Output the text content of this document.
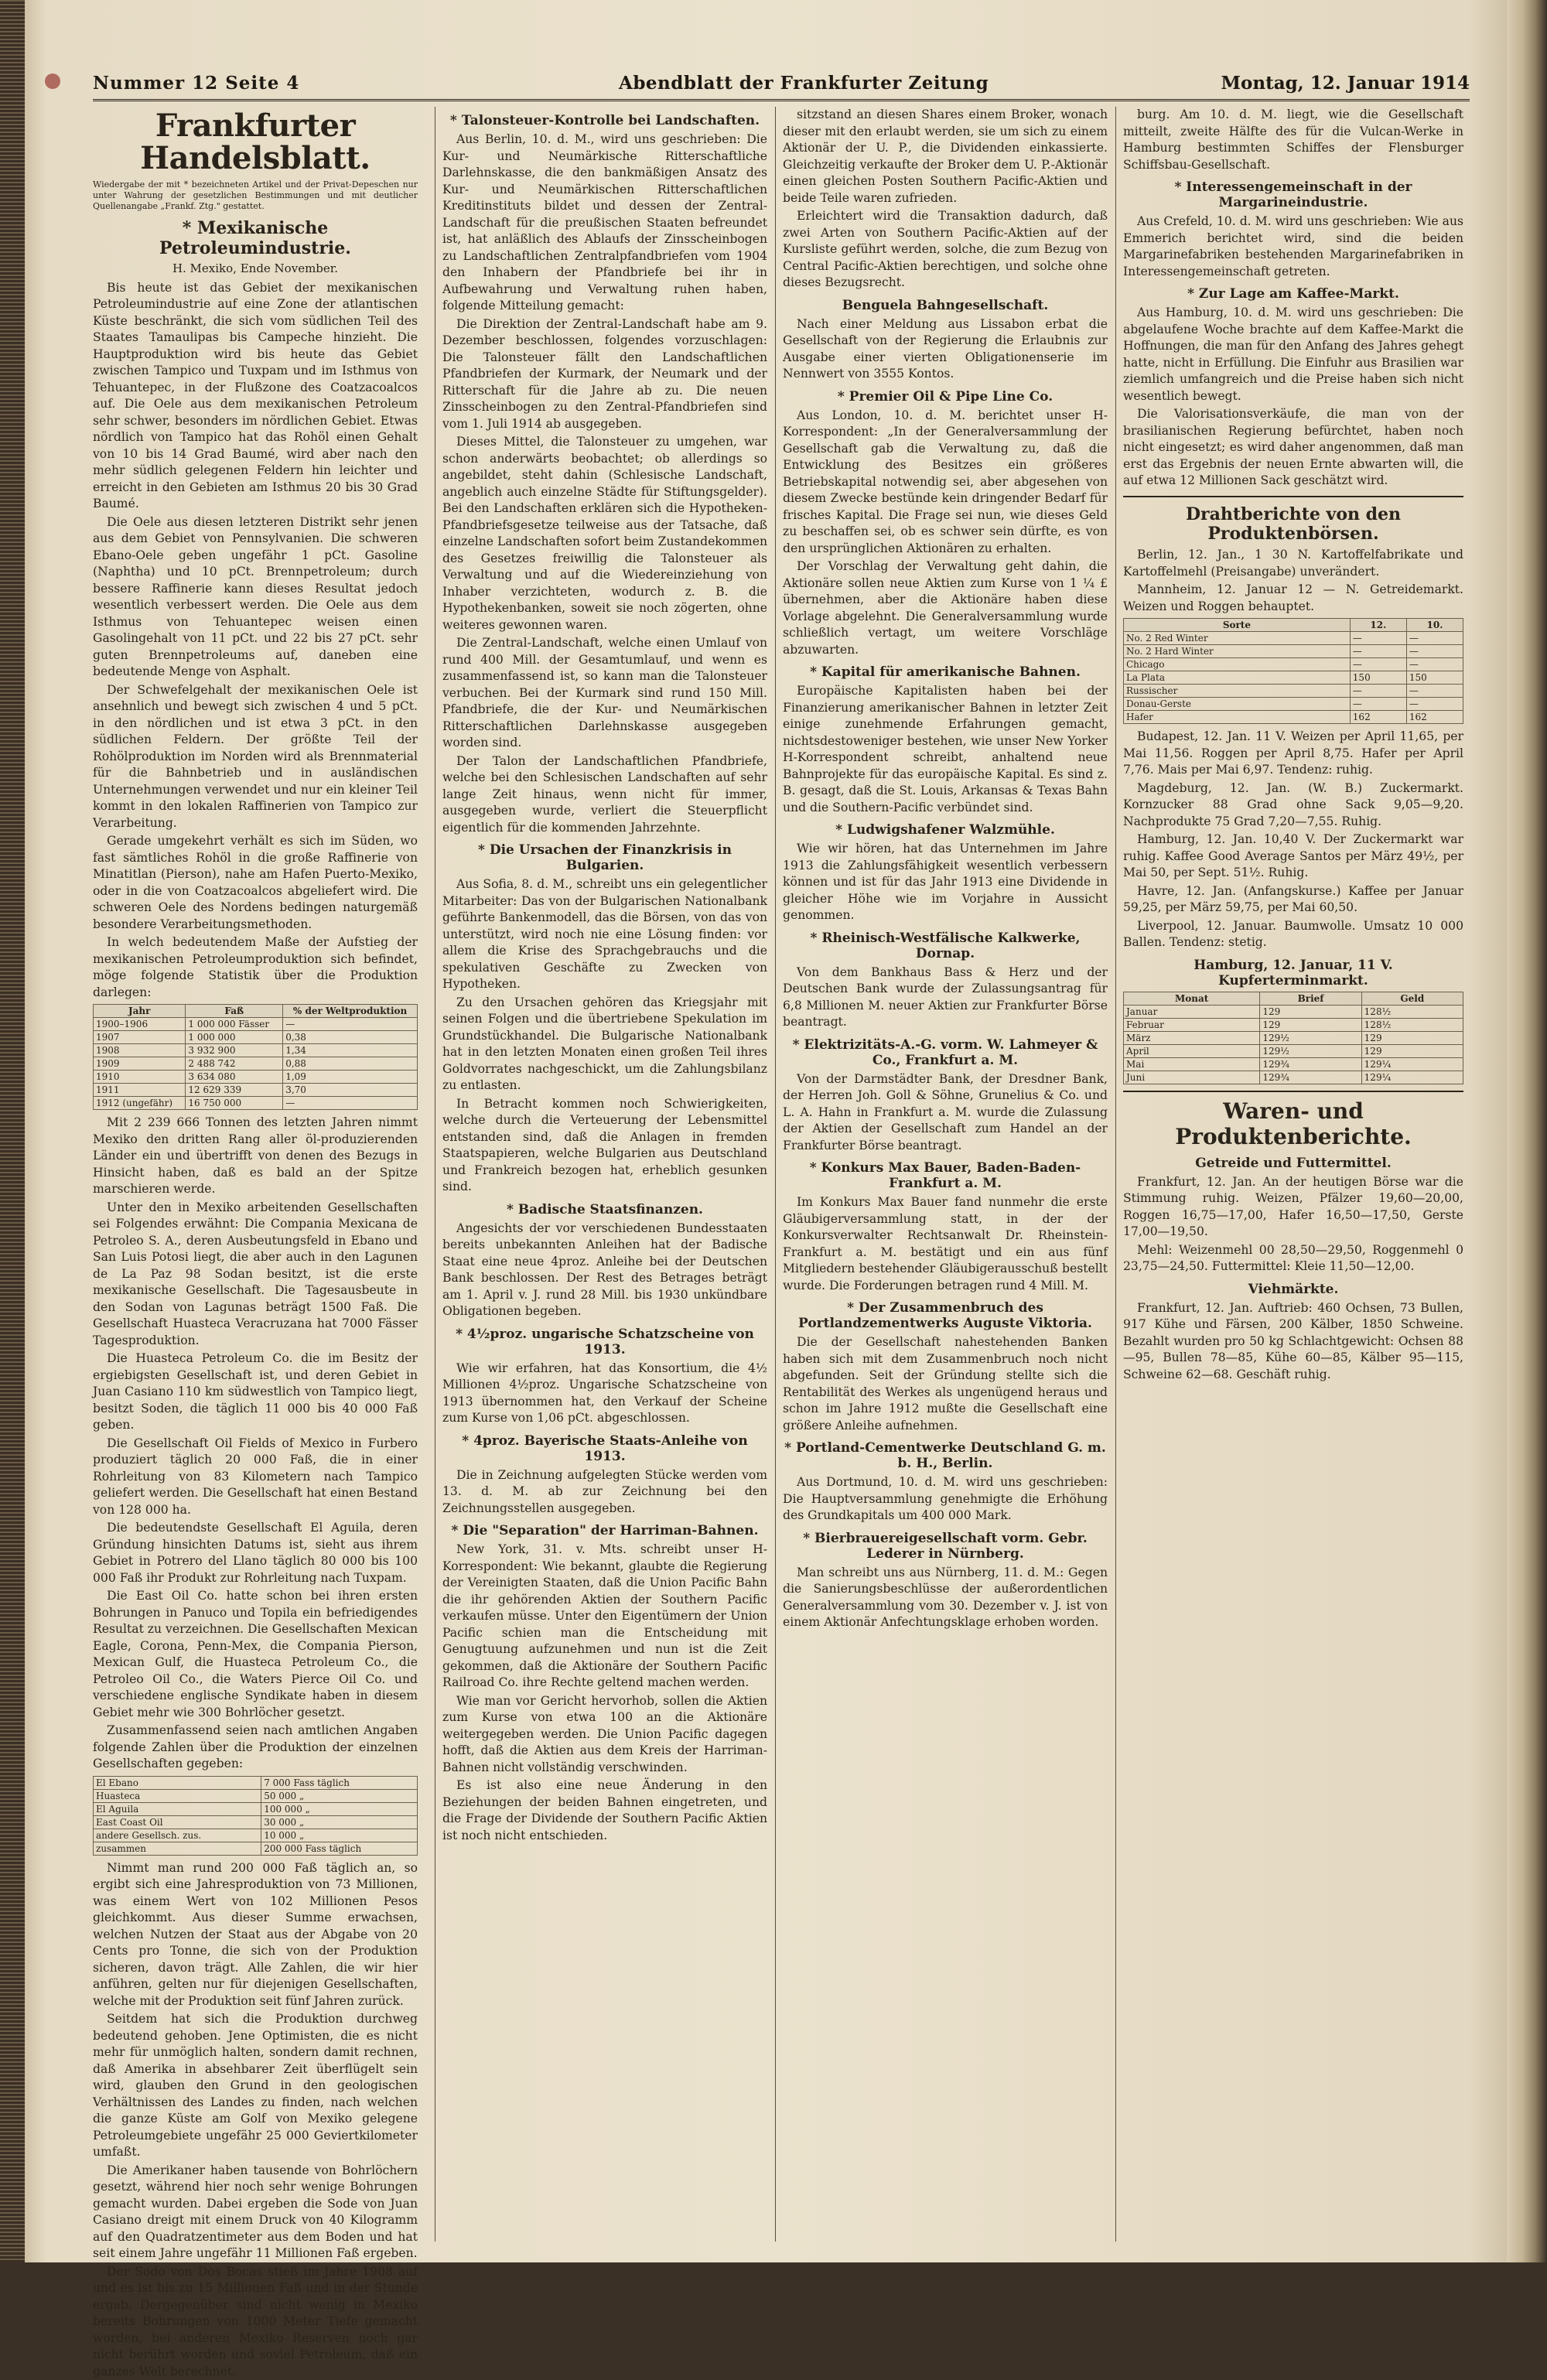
Nummer 12 Seite 4	Abendblatt der Frankfurter Zeitung	Montag, 12. Januar 1914
Frankfurter Handelsblatt.
Wiedergabe der mit * bezeichneten Artikel und der Privat-Depeschen nur unter Wahrung der gesetzlichen Bestimmungen und mit deutlicher Quellenangabe „Frankf. Ztg." gestattet.
* Mexikanische Petroleumindustrie.
H. Mexiko, Ende November.

Bis heute ist das Gebiet der mexikanischen Petroleumindustrie auf eine Zone der atlantischen Küste beschränkt, die sich vom südlichen Teil des Staates Tamaulipas bis Campeche hinzieht. Die Hauptproduktion wird bis heute das Gebiet zwischen Tampico und Tuxpam und im Isthmus von Tehuantepec, in der Flußzone des Coatzacoalcos auf. Die Oele aus dem mexikanischen Petroleum sehr schwer, besonders im nördlichen Gebiet. Etwas nördlich von Tampico hat das Rohöl einen Gehalt von 10 bis 14 Grad Baumé, wird aber nach den mehr südlich gelegenen Feldern hin leichter und erreicht in den Gebieten am Isthmus 20 bis 30 Grad Baumé.

Die Oele aus diesen letzteren Distrikt sehr jenen aus dem Gebiet von Pennsylvanien. Die schweren Ebano-Oele geben ungefähr 1 pCt. Gasoline (Naphtha) und 10 pCt. Brennpetroleum; durch bessere Raffinerie kann dieses Resultat jedoch wesentlich verbessert werden. Die Oele aus dem Isthmus von Tehuantepec weisen einen Gasolingehalt von 11 pCt. und 22 bis 27 pCt. sehr guten Brennpetroleums auf, daneben eine bedeutende Menge von Asphalt.

Der Schwefelgehalt der mexikanischen Oele ist ansehnlich und bewegt sich zwischen 4 und 5 pCt. in den nördlichen und ist etwa 3 pCt. in den südlichen Feldern. Der größte Teil der Rohölproduktion im Norden wird als Brennmaterial für die Bahnbetrieb und in ausländischen Unternehmungen verwendet und nur ein kleiner Teil kommt in den lokalen Raffinerien von Tampico zur Verarbeitung.

Gerade umgekehrt verhält es sich im Süden, wo fast sämtliches Rohöl in die große Raffinerie von Minatitlan (Pierson), nahe am Hafen Puerto-Mexiko, oder in die von Coatzacoalcos abgeliefert wird. Die schweren Oele des Nordens bedingen naturgemäß besondere Verarbeitungsmethoden.

In welch bedeutendem Maße der Aufstieg der mexikanischen Petroleumproduktion sich befindet, möge folgende Statistik über die Produktion darlegen:

Jahr	Faß	% der Weltproduktion
1900–1906	1 000 000 Fässer	—
1907	1 000 000	0,38
1908	3 932 900	1,34
1909	2 488 742	0,88
1910	3 634 080	1,09
1911	12 629 339	3,70
1912 (ungefähr)	16 750 000	—

Mit 2 239 666 Tonnen des letzten Jahren nimmt Mexiko den dritten Rang aller öl-produzierenden Länder ein und übertrifft von denen des Bezugs in Hinsicht haben, daß es bald an der Spitze marschieren werde.

Unter den in Mexiko arbeitenden Gesellschaften sei Folgendes erwähnt: Die Compania Mexicana de Petroleo S. A., deren Ausbeutungsfeld in Ebano und San Luis Potosi liegt, die aber auch in den Lagunen de La Paz 98 Sodan besitzt, ist die erste mexikanische Gesellschaft. Die Tagesausbeute in den Sodan von Lagunas beträgt 1500 Faß. Die Gesellschaft Huasteca Veracruzana hat 7000 Fässer Tagesproduktion.

Die Huasteca Petroleum Co. die im Besitz der ergiebigsten Gesellschaft ist, und deren Gebiet in Juan Casiano 110 km südwestlich von Tampico liegt, besitzt Soden, die täglich 11 000 bis 40 000 Faß geben.

Die Gesellschaft Oil Fields of Mexico in Furbero produziert täglich 20 000 Faß, die in einer Rohrleitung von 83 Kilometern nach Tampico geliefert werden. Die Gesellschaft hat einen Bestand von 128 000 ha.

Die bedeutendste Gesellschaft El Aguila, deren Gründung hinsichten Datums ist, sieht aus ihrem Gebiet in Potrero del Llano täglich 80 000 bis 100 000 Faß ihr Produkt zur Rohrleitung nach Tuxpam.

Die East Oil Co. hatte schon bei ihren ersten Bohrungen in Panuco und Topila ein befriedigendes Resultat zu verzeichnen. Die Gesellschaften Mexican Eagle, Corona, Penn-Mex, die Compania Pierson, Mexican Gulf, die Huasteca Petroleum Co., die Petroleo Oil Co., die Waters Pierce Oil Co. und verschiedene englische Syndikate haben in diesem Gebiet mehr wie 300 Bohrlöcher gesetzt.

Zusammenfassend seien nach amtlichen Angaben folgende Zahlen über die Produktion der einzelnen Gesellschaften gegeben:

El Ebano	7 000 Fass täglich
Huasteca	50 000 „
El Aguila	100 000 „
East Coast Oil	30 000 „
andere Gesellsch. zus.	10 000 „
zusammen	200 000 Fass täglich

Nimmt man rund 200 000 Faß täglich an, so ergibt sich eine Jahresproduktion von 73 Millionen, was einem Wert von 102 Millionen Pesos gleichkommt. Aus dieser Summe erwachsen, welchen Nutzen der Staat aus der Abgabe von 20 Cents pro Tonne, die sich von der Produktion sicheren, davon trägt. Alle Zahlen, die wir hier anführen, gelten nur für diejenigen Gesellschaften, welche mit der Produktion seit fünf Jahren zurück.

Seitdem hat sich die Produktion durchweg bedeutend gehoben. Jene Optimisten, die es nicht mehr für unmöglich halten, sondern damit rechnen, daß Amerika in absehbarer Zeit überflügelt sein wird, glauben den Grund in den geologischen Verhältnissen des Landes zu finden, nach welchen die ganze Küste am Golf von Mexiko gelegene Petroleumgebiete ungefähr 25 000 Geviertkilometer umfaßt.

Die Amerikaner haben tausende von Bohrlöchern gesetzt, während hier noch sehr wenige Bohrungen gemacht wurden. Dabei ergeben die Sode von Juan Casiano dreigt mit einem Druck von 40 Kilogramm auf den Quadratzentimeter aus dem Boden und hat seit einem Jahre ungefähr 11 Millionen Faß ergeben.

Der Sodo von Dos Bocas stieß im Jahre 1908 auf und es ist bis zu 15 Millionen Faß und in der Stunde ergab, Dergegenüber sind nicht wenig in Mexiko bereits Bohrungen von 1000 Meter Tiefe gemacht worden, bei anderen Mexiko Reserven noch gar nicht berührt worden und soviel Petroleum, daß ein ganzes Welt berechnet.

* Talonsteuer-Kontrolle bei Landschaften.

Aus Berlin, 10. d. M., wird uns geschrieben: Die Kur- und Neumärkische Ritterschaftliche Darlehnskasse, die den bankmäßigen Ansatz des Kur- und Neumärkischen Ritterschaftlichen Kreditinstituts bildet und dessen der Zentral-Landschaft für die preußischen Staaten befreundet ist, hat anläßlich des Ablaufs der Zinsscheinbogen zu Landschaftlichen Zentralpfandbriefen vom 1904 den Inhabern der Pfandbriefe bei ihr in Aufbewahrung und Verwaltung ruhen haben, folgende Mitteilung gemacht:

Die Direktion der Zentral-Landschaft habe am 9. Dezember beschlossen, folgendes vorzuschlagen: Die Talonsteuer fällt den Landschaftlichen Pfandbriefen der Kurmark, der Neumark und der Ritterschaft für die Jahre ab zu. Die neuen Zinsscheinbogen zu den Zentral-Pfandbriefen sind vom 1. Juli 1914 ab ausgegeben.

Dieses Mittel, die Talonsteuer zu umgehen, war schon anderwärts beobachtet; ob allerdings so angebildet, steht dahin (Schlesische Landschaft, angeblich auch einzelne Städte für Stiftungsgelder). Bei den Landschaften erklären sich die Hypotheken-Pfandbriefsgesetze teilweise aus der Tatsache, daß einzelne Landschaften sofort beim Zustandekommen des Gesetzes freiwillig die Talonsteuer als Verwaltung und auf die Wiedereinziehung von Inhaber verzichteten, wodurch z. B. die Hypothekenbanken, soweit sie noch zögerten, ohne weiteres gewonnen waren.

Die Zentral-Landschaft, welche einen Umlauf von rund 400 Mill. der Gesamtumlauf, und wenn es zusammenfassend ist, so kann man die Talonsteuer verbuchen. Bei der Kurmark sind rund 150 Mill. Pfandbriefe, die der Kur- und Neumärkischen Ritterschaftlichen Darlehnskasse ausgegeben worden sind.

Der Talon der Landschaftlichen Pfandbriefe, welche bei den Schlesischen Landschaften auf sehr lange Zeit hinaus, wenn nicht für immer, ausgegeben wurde, verliert die Steuerpflicht eigentlich für die kommenden Jahrzehnte.

* Die Ursachen der Finanzkrisis in Bulgarien.

Aus Sofia, 8. d. M., schreibt uns ein gelegentlicher Mitarbeiter: Das von der Bulgarischen Nationalbank geführte Bankenmodell, das die Börsen, von das von unterstützt, wird noch nie eine Lösung finden: vor allem die Krise des Sprachgebrauchs und die spekulativen Geschäfte zu Zwecken von Hypotheken.

Zu den Ursachen gehören das Kriegsjahr mit seinen Folgen und die übertriebene Spekulation im Grundstückhandel. Die Bulgarische Nationalbank hat in den letzten Monaten einen großen Teil ihres Goldvorrates nachgeschickt, um die Zahlungsbilanz zu entlasten.

In Betracht kommen noch Schwierigkeiten, welche durch die Verteuerung der Lebensmittel entstanden sind, daß die Anlagen in fremden Staatspapieren, welche Bulgarien aus Deutschland und Frankreich bezogen hat, erheblich gesunken sind.

* Badische Staatsfinanzen.

Angesichts der vor verschiedenen Bundesstaaten bereits unbekannten Anleihen hat der Badische Staat eine neue 4proz. Anleihe bei der Deutschen Bank beschlossen. Der Rest des Betrages beträgt am 1. April v. J. rund 28 Mill. bis 1930 unkündbare Obligationen begeben.

* 4½proz. ungarische Schatzscheine von 1913.

Wie wir erfahren, hat das Konsortium, die 4½ Millionen 4½proz. Ungarische Schatzscheine von 1913 übernommen hat, den Verkauf der Scheine zum Kurse von 1,06 pCt. abgeschlossen.

* 4proz. Bayerische Staats-Anleihe von 1913.

Die in Zeichnung aufgelegten Stücke werden vom 13. d. M. ab zur Zeichnung bei den Zeichnungsstellen ausgegeben.

* Die "Separation" der Harriman-Bahnen.

New York, 31. v. Mts. schreibt unser H-Korrespondent: Wie bekannt, glaubte die Regierung der Vereinigten Staaten, daß die Union Pacific Bahn die ihr gehörenden Aktien der Southern Pacific verkaufen müsse. Unter den Eigentümern der Union Pacific schien man die Entscheidung mit Genugtuung aufzunehmen und nun ist die Zeit gekommen, daß die Aktionäre der Southern Pacific Railroad Co. ihre Rechte geltend machen werden.

Wie man vor Gericht hervorhob, sollen die Aktien zum Kurse von etwa 100 an die Aktionäre weitergegeben werden. Die Union Pacific dagegen hofft, daß die Aktien aus dem Kreis der Harriman-Bahnen nicht vollständig verschwinden.

Es ist also eine neue Änderung in den Beziehungen der beiden Bahnen eingetreten, und die Frage der Dividende der Southern Pacific Aktien ist noch nicht entschieden.

sitzstand an diesen Shares einem Broker, wonach dieser mit den erlaubt werden, sie um sich zu einem Aktionär der U. P., die Dividenden einkassierte. Gleichzeitig verkaufte der Broker dem U. P.-Aktionär einen gleichen Posten Southern Pacific-Aktien und beide Teile waren zufrieden.

Erleichtert wird die Transaktion dadurch, daß zwei Arten von Southern Pacific-Aktien auf der Kursliste geführt werden, solche, die zum Bezug von Central Pacific-Aktien berechtigen, und solche ohne dieses Bezugsrecht.

Benguela Bahngesellschaft.

Nach einer Meldung aus Lissabon erbat die Gesellschaft von der Regierung die Erlaubnis zur Ausgabe einer vierten Obligationenserie im Nennwert von 3555 Kontos.

* Premier Oil & Pipe Line Co.

Aus London, 10. d. M. berichtet unser H-Korrespondent: „In der Generalversammlung der Gesellschaft gab die Verwaltung zu, daß die Entwicklung des Besitzes ein größeres Betriebskapital notwendig sei, aber abgesehen von diesem Zwecke bestünde kein dringender Bedarf für frisches Kapital. Die Frage sei nun, wie dieses Geld zu beschaffen sei, ob es schwer sein dürfte, es von den ursprünglichen Aktionären zu erhalten.

Der Vorschlag der Verwaltung geht dahin, die Aktionäre sollen neue Aktien zum Kurse von 1 ¼ £ übernehmen, aber die Aktionäre haben diese Vorlage abgelehnt. Die Generalversammlung wurde schließlich vertagt, um weitere Vorschläge abzuwarten.

* Kapital für amerikanische Bahnen.

Europäische Kapitalisten haben bei der Finanzierung amerikanischer Bahnen in letzter Zeit einige zunehmende Erfahrungen gemacht, nichtsdestoweniger bestehen, wie unser New Yorker H-Korrespondent schreibt, anhaltend neue Bahnprojekte für das europäische Kapital. Es sind z. B. gesagt, daß die St. Louis, Arkansas & Texas Bahn und die Southern-Pacific verbündet sind.

* Ludwigshafener Walzmühle.

Wie wir hören, hat das Unternehmen im Jahre 1913 die Zahlungsfähigkeit wesentlich verbessern können und ist für das Jahr 1913 eine Dividende in gleicher Höhe wie im Vorjahre in Aussicht genommen.

* Rheinisch-Westfälische Kalkwerke, Dornap.

Von dem Bankhaus Bass & Herz und der Deutschen Bank wurde der Zulassungsantrag für 6,8 Millionen M. neuer Aktien zur Frankfurter Börse beantragt.

* Elektrizitäts-A.-G. vorm. W. Lahmeyer & Co., Frankfurt a. M.

Von der Darmstädter Bank, der Dresdner Bank, der Herren Joh. Goll & Söhne, Grunelius & Co. und L. A. Hahn in Frankfurt a. M. wurde die Zulassung der Aktien der Gesellschaft zum Handel an der Frankfurter Börse beantragt.

* Konkurs Max Bauer, Baden-Baden-Frankfurt a. M.

Im Konkurs Max Bauer fand nunmehr die erste Gläubigerversammlung statt, in der der Konkursverwalter Rechtsanwalt Dr. Rheinstein-Frankfurt a. M. bestätigt und ein aus fünf Mitgliedern bestehender Gläubigerausschuß bestellt wurde. Die Forderungen betragen rund 4 Mill. M.

* Der Zusammenbruch des Portlandzementwerks Auguste Viktoria.

Die der Gesellschaft nahestehenden Banken haben sich mit dem Zusammenbruch noch nicht abgefunden. Seit der Gründung stellte sich die Rentabilität des Werkes als ungenügend heraus und schon im Jahre 1912 mußte die Gesellschaft eine größere Anleihe aufnehmen.

* Portland-Cementwerke Deutschland G. m. b. H., Berlin.

Aus Dortmund, 10. d. M. wird uns geschrieben: Die Hauptversammlung genehmigte die Erhöhung des Grundkapitals um 400 000 Mark.

* Bierbrauereigesellschaft vorm. Gebr. Lederer in Nürnberg.

Man schreibt uns aus Nürnberg, 11. d. M.: Gegen die Sanierungsbeschlüsse der außerordentlichen Generalversammlung vom 30. Dezember v. J. ist von einem Aktionär Anfechtungsklage erhoben worden.

burg. Am 10. d. M. liegt, wie die Gesellschaft mitteilt, zweite Hälfte des für die Vulcan-Werke in Hamburg bestimmten Schiffes der Flensburger Schiffsbau-Gesellschaft.

* Interessengemeinschaft in der Margarineindustrie.

Aus Crefeld, 10. d. M. wird uns geschrieben: Wie aus Emmerich berichtet wird, sind die beiden Margarinefabriken bestehenden Margarinefabriken in Interessengemeinschaft getreten.

* Zur Lage am Kaffee-Markt.

Aus Hamburg, 10. d. M. wird uns geschrieben: Die abgelaufene Woche brachte auf dem Kaffee-Markt die Hoffnungen, die man für den Anfang des Jahres gehegt hatte, nicht in Erfüllung. Die Einfuhr aus Brasilien war ziemlich umfangreich und die Preise haben sich nicht wesentlich bewegt.

Die Valorisationsverkäufe, die man von der brasilianischen Regierung befürchtet, haben noch nicht eingesetzt; es wird daher angenommen, daß man erst das Ergebnis der neuen Ernte abwarten will, die auf etwa 12 Millionen Sack geschätzt wird.

Drahtberichte von den Produktenbörsen.

Berlin, 12. Jan., 1 30 N. Kartoffelfabrikate und Kartoffelmehl (Preisangabe) unverändert.

Mannheim, 12. Januar 12 — N. Getreidemarkt. Weizen und Roggen behauptet.

Sorte	12.	10.
No. 2 Red Winter	—	—
No. 2 Hard Winter	—	—
Chicago	—	—
La Plata	150	150
Russischer	—	—
Donau-Gerste	—	—
Hafer	162	162

Budapest, 12. Jan. 11 V. Weizen per April 11,65, per Mai 11,56. Roggen per April 8,75. Hafer per April 7,76. Mais per Mai 6,97. Tendenz: ruhig.

Magdeburg, 12. Jan. (W. B.) Zuckermarkt. Kornzucker 88 Grad ohne Sack 9,05—9,20. Nachprodukte 75 Grad 7,20—7,55. Ruhig.

Hamburg, 12. Jan. 10,40 V. Der Zuckermarkt war ruhig. Kaffee Good Average Santos per März 49½, per Mai 50, per Sept. 51½. Ruhig.

Havre, 12. Jan. (Anfangskurse.) Kaffee per Januar 59,25, per März 59,75, per Mai 60,50.

Liverpool, 12. Januar. Baumwolle. Umsatz 10 000 Ballen. Tendenz: stetig.

Hamburg, 12. Januar, 11 V. Kupferterminmarkt.
Monat	Brief	Geld
Januar	129	128½
Februar	129	128½
März	129½	129
April	129½	129
Mai	129¾	129¼
Juni	129¾	129¼
Waren- und Produktenberichte.
Getreide und Futtermittel.

Frankfurt, 12. Jan. An der heutigen Börse war die Stimmung ruhig. Weizen, Pfälzer 19,60—20,00, Roggen 16,75—17,00, Hafer 16,50—17,50, Gerste 17,00—19,50.

Mehl: Weizenmehl 00 28,50—29,50, Roggenmehl 0 23,75—24,50. Futtermittel: Kleie 11,50—12,00.

Viehmärkte.

Frankfurt, 12. Jan. Auftrieb: 460 Ochsen, 73 Bullen, 917 Kühe und Färsen, 200 Kälber, 1850 Schweine. Bezahlt wurden pro 50 kg Schlachtgewicht: Ochsen 88—95, Bullen 78—85, Kühe 60—85, Kälber 95—115, Schweine 62—68. Geschäft ruhig.
